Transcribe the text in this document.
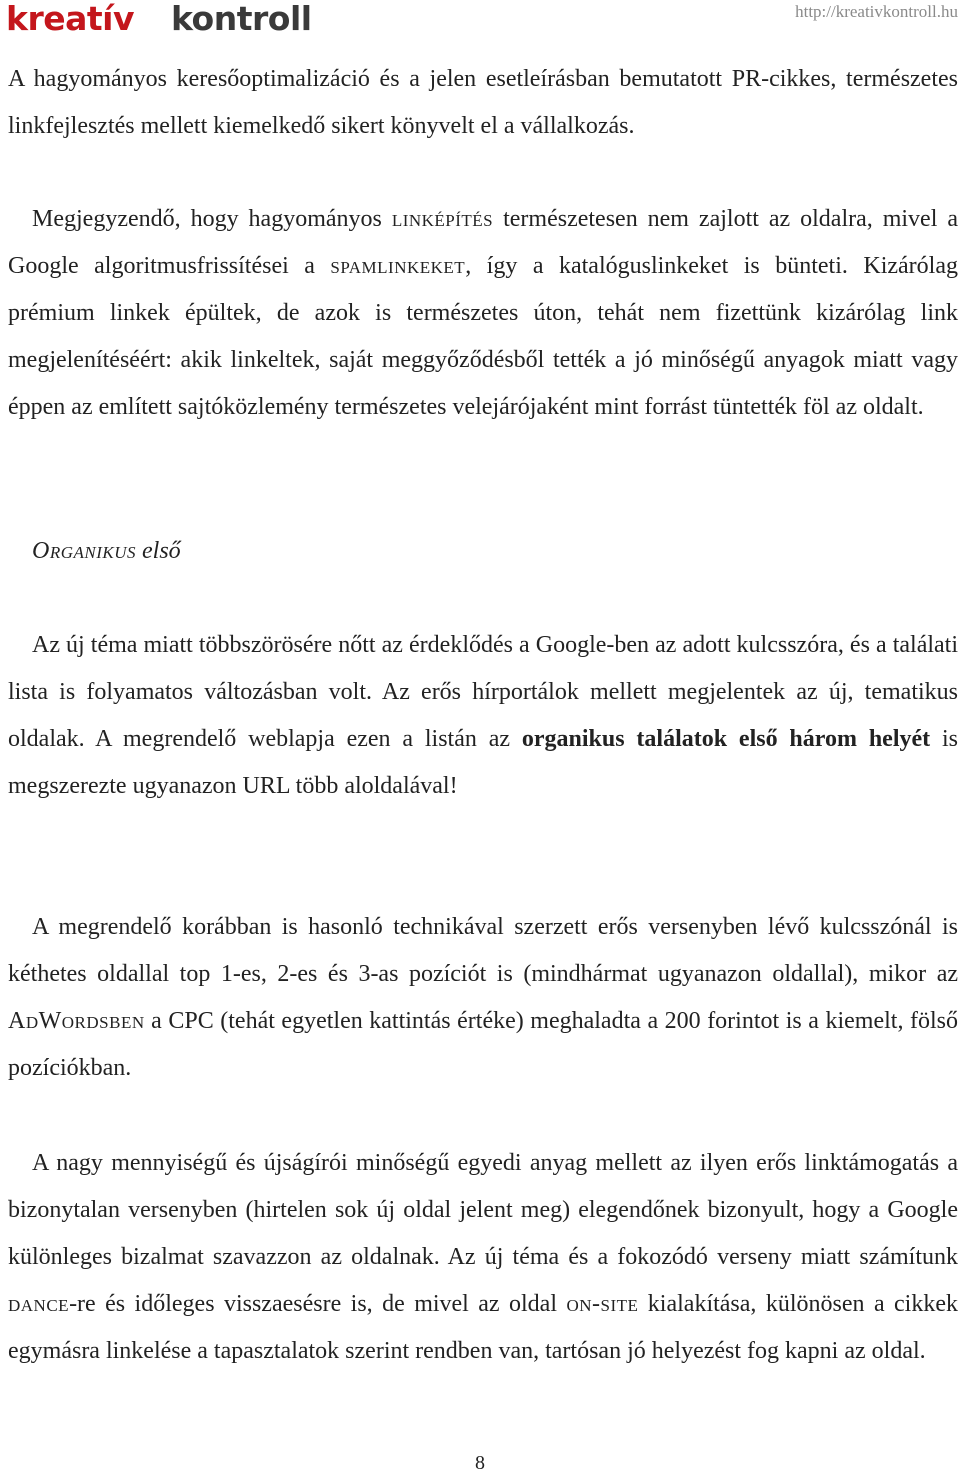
kreatív kontroll	http://kreativkontroll.hu
A hagyományos keresőoptimalizáció és a jelen esetleírásban bemutatott PR-cikkes, természetes linkfejlesztés mellett kiemelkedő sikert könyvelt el a vállalkozás.
Megjegyzendő, hogy hagyományos linképítés természetesen nem zajlott az oldalra, mivel a Google algoritmusfrissítései a spamlinkeket, így a katalóguslinkeket is bünteti. Kizárólag prémium linkek épültek, de azok is természetes úton, tehát nem fizettünk kizárólag link megjelenítéséért: akik linkeltek, saját meggyőződésből tették a jó minőségű anyagok miatt vagy éppen az említett sajtóközlemény természetes velejárójaként mint forrást tüntették föl az oldalt.
Organikus első
Az új téma miatt többszörösére nőtt az érdeklődés a Google-ben az adott kulcsszóra, és a találati lista is folyamatos változásban volt. Az erős hírportálok mellett megjelentek az új, tematikus oldalak. A megrendelő weblapja ezen a listán az organikus találatok első három helyét is megszerezte ugyanazon URL több aloldalával!
A megrendelő korábban is hasonló technikával szerzett erős versenyben lévő kulcsszónál is kéthetes oldallal top 1-es, 2-es és 3-as pozíciót is (mindhármat ugyanazon oldallal), mikor az AdWordsben a CPC (tehát egyetlen kattintás értéke) meghaladta a 200 forintot is a kiemelt, fölső pozíciókban.
A nagy mennyiségű és újságírói minőségű egyedi anyag mellett az ilyen erős linktámogatás a bizonytalan versenyben (hirtelen sok új oldal jelent meg) elegendőnek bizonyult, hogy a Google különleges bizalmat szavazzon az oldalnak. Az új téma és a fokozódó verseny miatt számítunk dance-re és időleges visszaesésre is, de mivel az oldal on-site kialakítása, különösen a cikkek egymásra linkelése a tapasztalatok szerint rendben van, tartósan jó helyezést fog kapni az oldal.
8
